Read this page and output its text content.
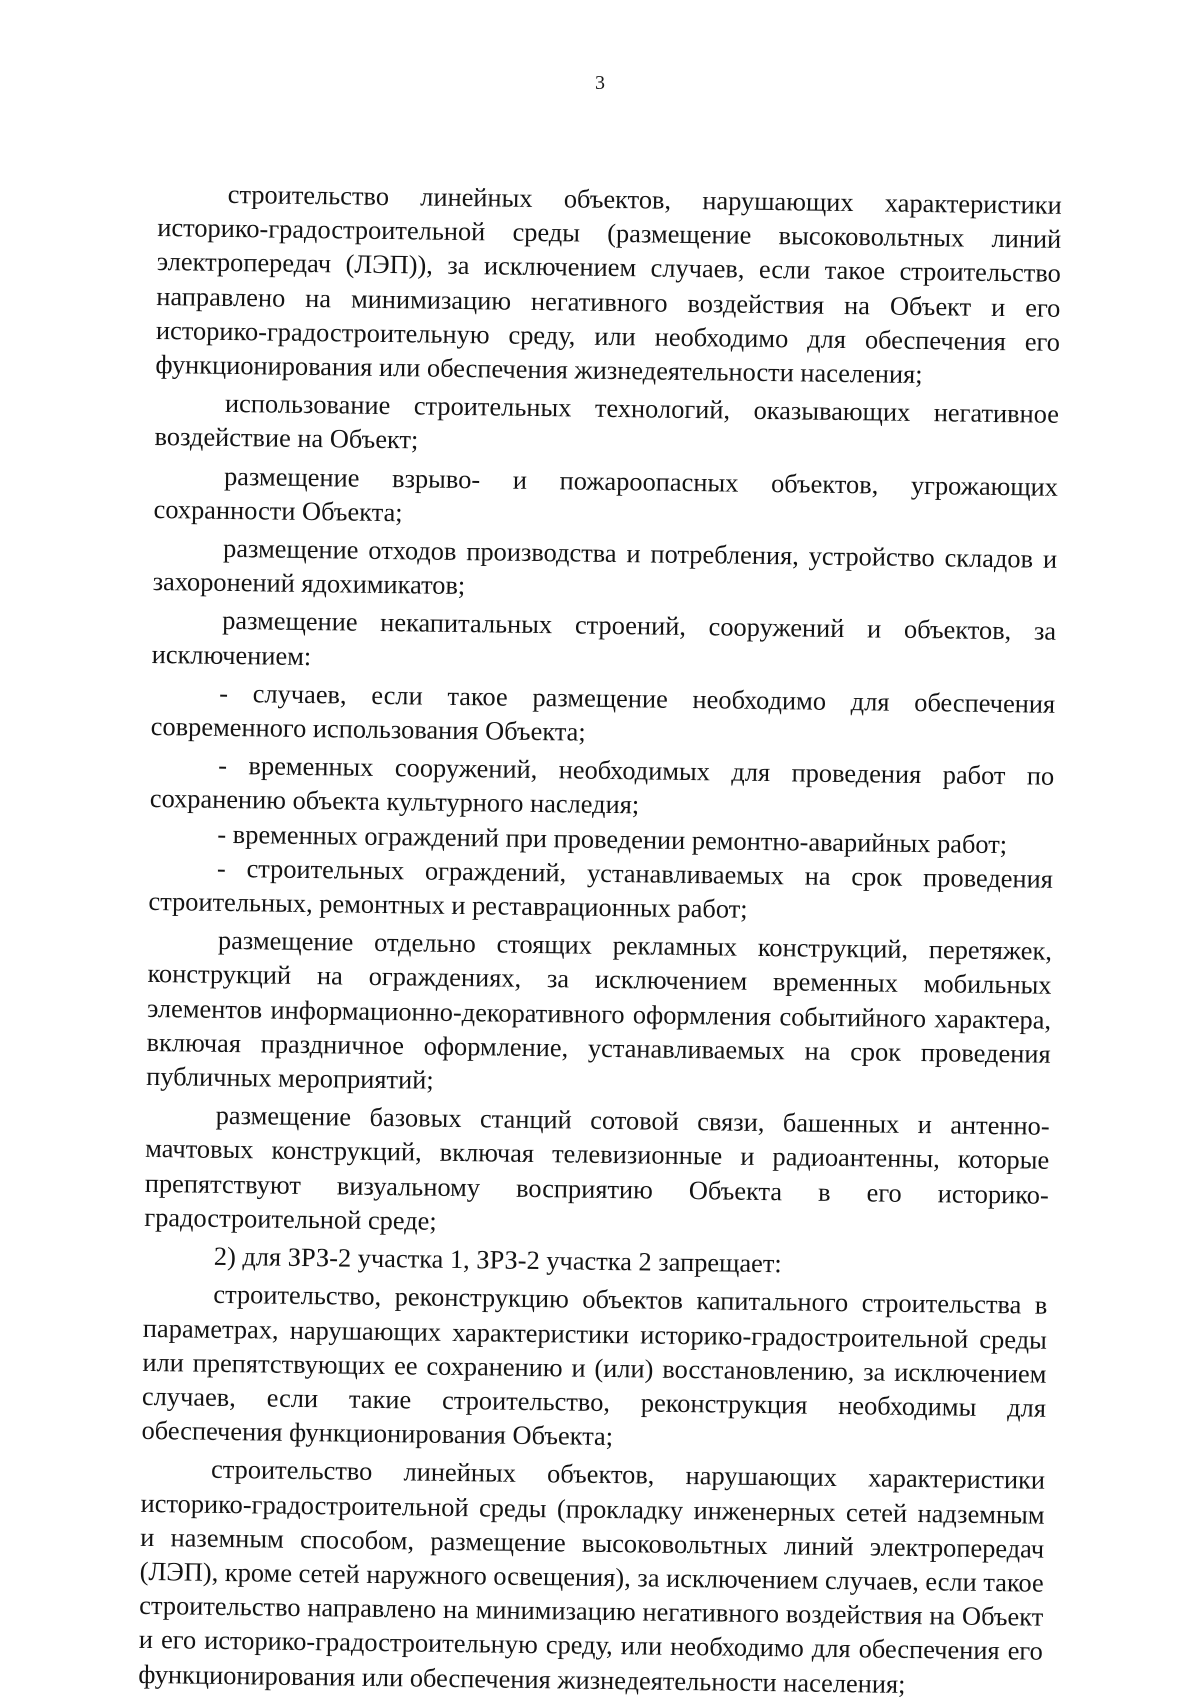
3

строительство линейных объектов, нарушающих характеристики историко-градостроительной среды (размещение высоковольтных линий электропередач (ЛЭП)), за исключением случаев, если такое строительство направлено на минимизацию негативного воздействия на Объект и его историко-градостроительную среду, или необходимо для обеспечения его функционирования или обеспечения жизнедеятельности населения;

использование строительных технологий, оказывающих негативное воздействие на Объект;

размещение взрыво- и пожароопасных объектов, угрожающих сохранности Объекта;

размещение отходов производства и потребления, устройство складов и захоронений ядохимикатов;

размещение некапитальных строений, сооружений и объектов, за исключением:

- случаев, если такое размещение необходимо для обеспечения современного использования Объекта;

- временных сооружений, необходимых для проведения работ по сохранению объекта культурного наследия;

- временных ограждений при проведении ремонтно-аварийных работ;

- строительных ограждений, устанавливаемых на срок проведения строительных, ремонтных и реставрационных работ;

размещение отдельно стоящих рекламных конструкций, перетяжек, конструкций на ограждениях, за исключением временных мобильных элементов информационно-декоративного оформления событийного характера, включая праздничное оформление, устанавливаемых на срок проведения публичных мероприятий;

размещение базовых станций сотовой связи, башенных и антенно-мачтовых конструкций, включая телевизионные и радиоантенны, которые препятствуют визуальному восприятию Объекта в его историко-градостроительной среде;

2) для ЗРЗ-2 участка 1, ЗРЗ-2 участка 2 запрещает:

строительство, реконструкцию объектов капитального строительства в параметрах, нарушающих характеристики историко-градостроительной среды или препятствующих ее сохранению и (или) восстановлению, за исключением случаев, если такие строительство, реконструкция необходимы для обеспечения функционирования Объекта;

строительство линейных объектов, нарушающих характеристики историко-градостроительной среды (прокладку инженерных сетей надземным и наземным способом, размещение высоковольтных линий электропередач (ЛЭП), кроме сетей наружного освещения), за исключением случаев, если такое строительство направлено на минимизацию негативного воздействия на Объект и его историко-градостроительную среду, или необходимо для обеспечения его функционирования или обеспечения жизнедеятельности населения;
